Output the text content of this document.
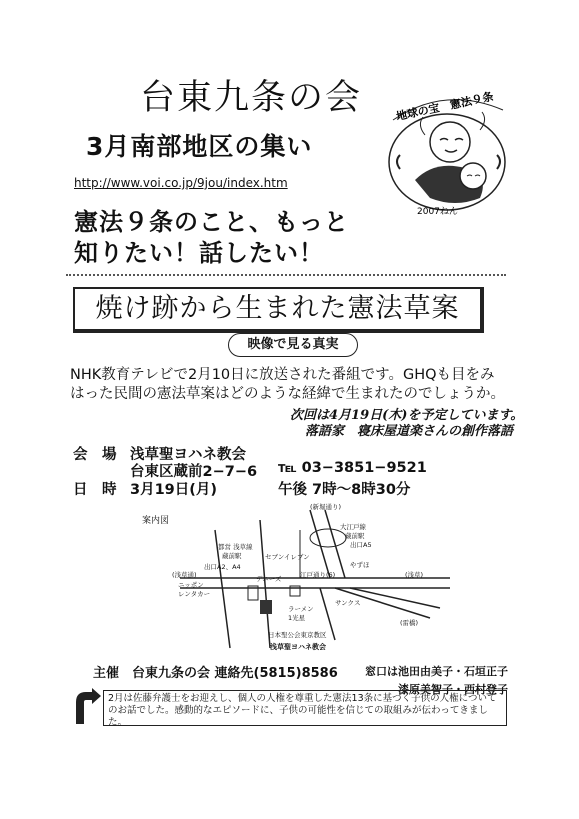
台東九条の会
3月南部地区の集い
http://www.voi.co.jp/9jou/index.htm
憲法９条のこと、もっと
知りたい！話したい！
地球の宝　憲法９条
2007ねん
焼け跡から生まれた憲法草案
映像で見る真実
NHK教育テレビで2月10日に放送された番組です。GHQも目をみ
はった民間の憲法草案はどのような経緯で生まれたのでしょうか。
次回は4月19日(木)を予定しています。
落語家　寝床屋道楽さんの創作落語
会　場 浅草聖ヨハネ教会
台東区蔵前2−7−6 ℡ 03−3851−9521
日　時 3月19日(月)	午後 7時〜8時30分
案内図
(新堀通り)
大江戸線
蔵前駅
出口A5
都営 浅草線
蔵前駅
出口A2、A4
セブンイレブン
やずほ
(浅草通)
ニッポン
レンタカー
デニーズ	江戸通り(6)
ラーメン
1光星
サンクス
(浅草)
(雷橋)
日本聖公会東京教区
浅草聖ヨハネ教会
主催　台東九条の会 連絡先(5815)8586 窓口は池田由美子・石垣正子
漆原美智子・西村登子
2月は佐藤弁護士をお迎えし、個人の人権を尊重した憲法13条に基づく子供の人権についてのお話でした。感動的なエピソードに、子供の可能性を信じての取組みが伝わってきました。
